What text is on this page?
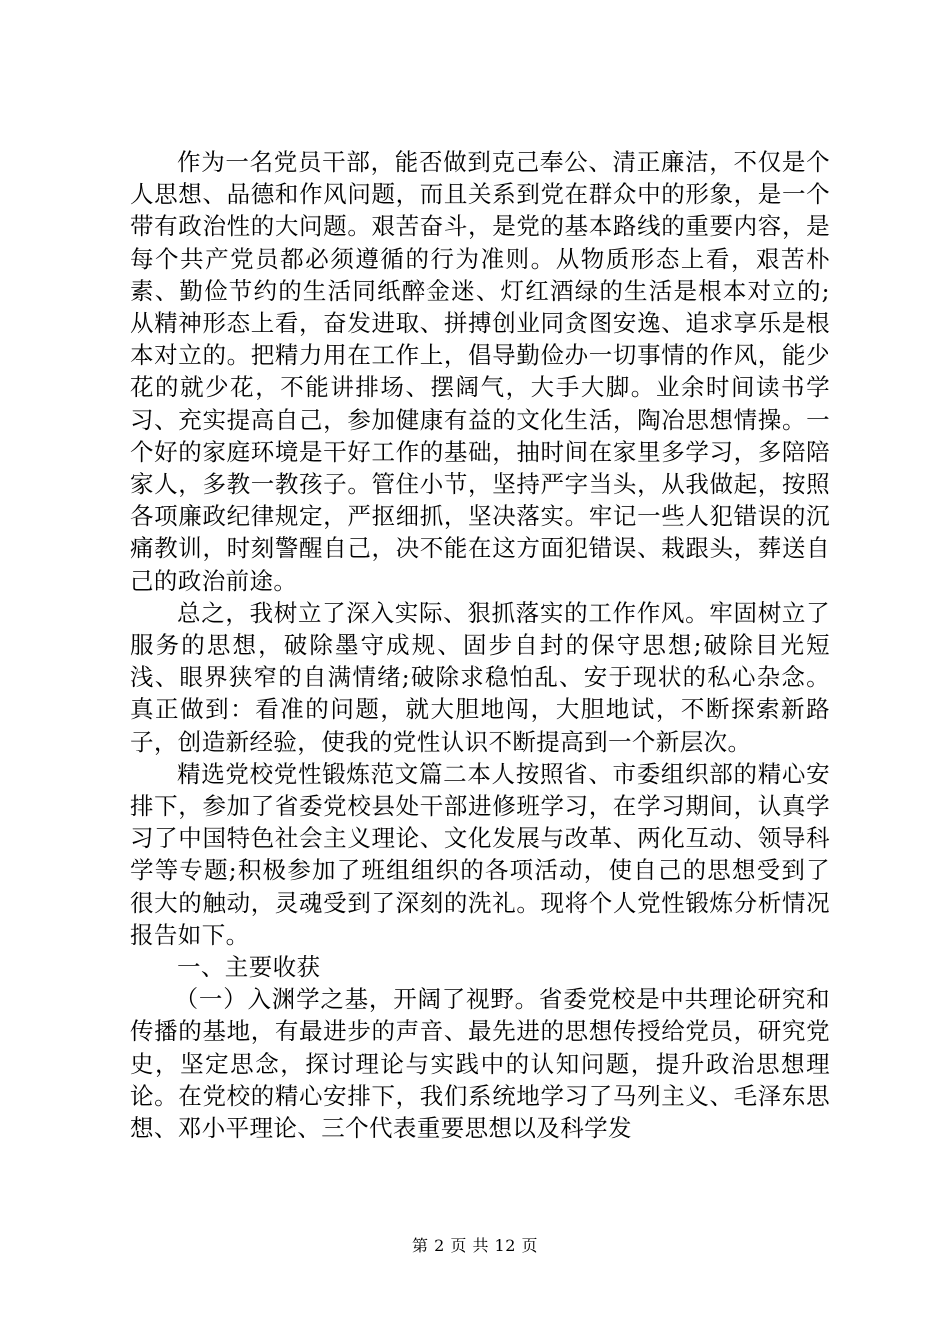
作为一名党员干部，能否做到克己奉公、清正廉洁，不仅是个人思想、品德和作风问题，而且关系到党在群众中的形象，是一个带有政治性的大问题。艰苦奋斗，是党的基本路线的重要内容，是每个共产党员都必须遵循的行为准则。从物质形态上看，艰苦朴素、勤俭节约的生活同纸醉金迷、灯红酒绿的生活是根本对立的;从精神形态上看，奋发进取、拼搏创业同贪图安逸、追求享乐是根本对立的。把精力用在工作上，倡导勤俭办一切事情的作风，能少花的就少花，不能讲排场、摆阔气，大手大脚。业余时间读书学习、充实提高自己，参加健康有益的文化生活，陶冶思想情操。一个好的家庭环境是干好工作的基础，抽时间在家里多学习，多陪陪家人，多教一教孩子。管住小节，坚持严字当头，从我做起，按照各项廉政纪律规定，严抠细抓，坚决落实。牢记一些人犯错误的沉痛教训，时刻警醒自己，决不能在这方面犯错误、栽跟头，葬送自己的政治前途。

总之，我树立了深入实际、狠抓落实的工作作风。牢固树立了服务的思想，破除墨守成规、固步自封的保守思想;破除目光短浅、眼界狭窄的自满情绪;破除求稳怕乱、安于现状的私心杂念。真正做到：看准的问题，就大胆地闯，大胆地试，不断探索新路子，创造新经验，使我的党性认识不断提高到一个新层次。

精选党校党性锻炼范文篇二本人按照省、市委组织部的精心安排下，参加了省委党校县处干部进修班学习，在学习期间，认真学习了中国特色社会主义理论、文化发展与改革、两化互动、领导科学等专题;积极参加了班组组织的各项活动，使自己的思想受到了很大的触动，灵魂受到了深刻的洗礼。现将个人党性锻炼分析情况报告如下。

一、主要收获

（一）入渊学之基，开阔了视野。省委党校是中共理论研究和传播的基地，有最进步的声音、最先进的思想传授给党员，研究党史，坚定思念，探讨理论与实践中的认知问题，提升政治思想理论。在党校的精心安排下，我们系统地学习了马列主义、毛泽东思想、邓小平理论、三个代表重要思想以及科学发

第 2 页 共 12 页
